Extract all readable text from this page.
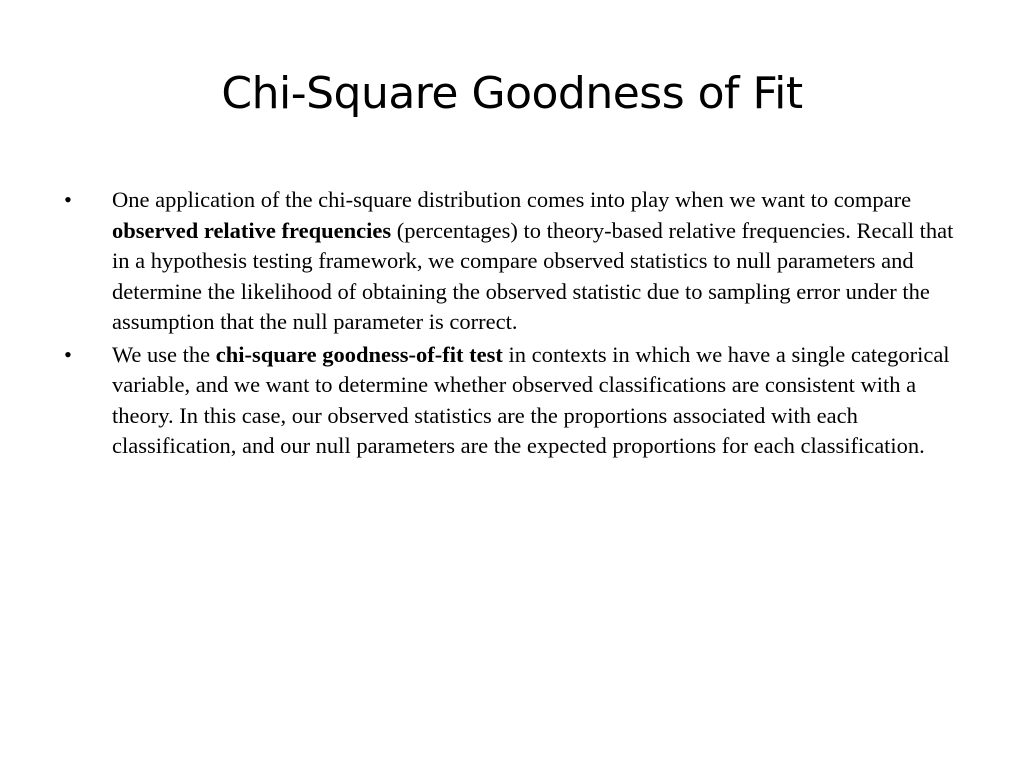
Chi-Square Goodness of Fit
• One application of the chi-square distribution comes into play when we want to compare observed relative frequencies (percentages) to theory-based relative frequencies. Recall that in a hypothesis testing framework, we compare observed statistics to null parameters and determine the likelihood of obtaining the observed statistic due to sampling error under the assumption that the null parameter is correct.
• We use the chi-square goodness-of-fit test in contexts in which we have a single categorical variable, and we want to determine whether observed classifications are consistent with a theory. In this case, our observed statistics are the proportions associated with each classification, and our null parameters are the expected proportions for each classification.
